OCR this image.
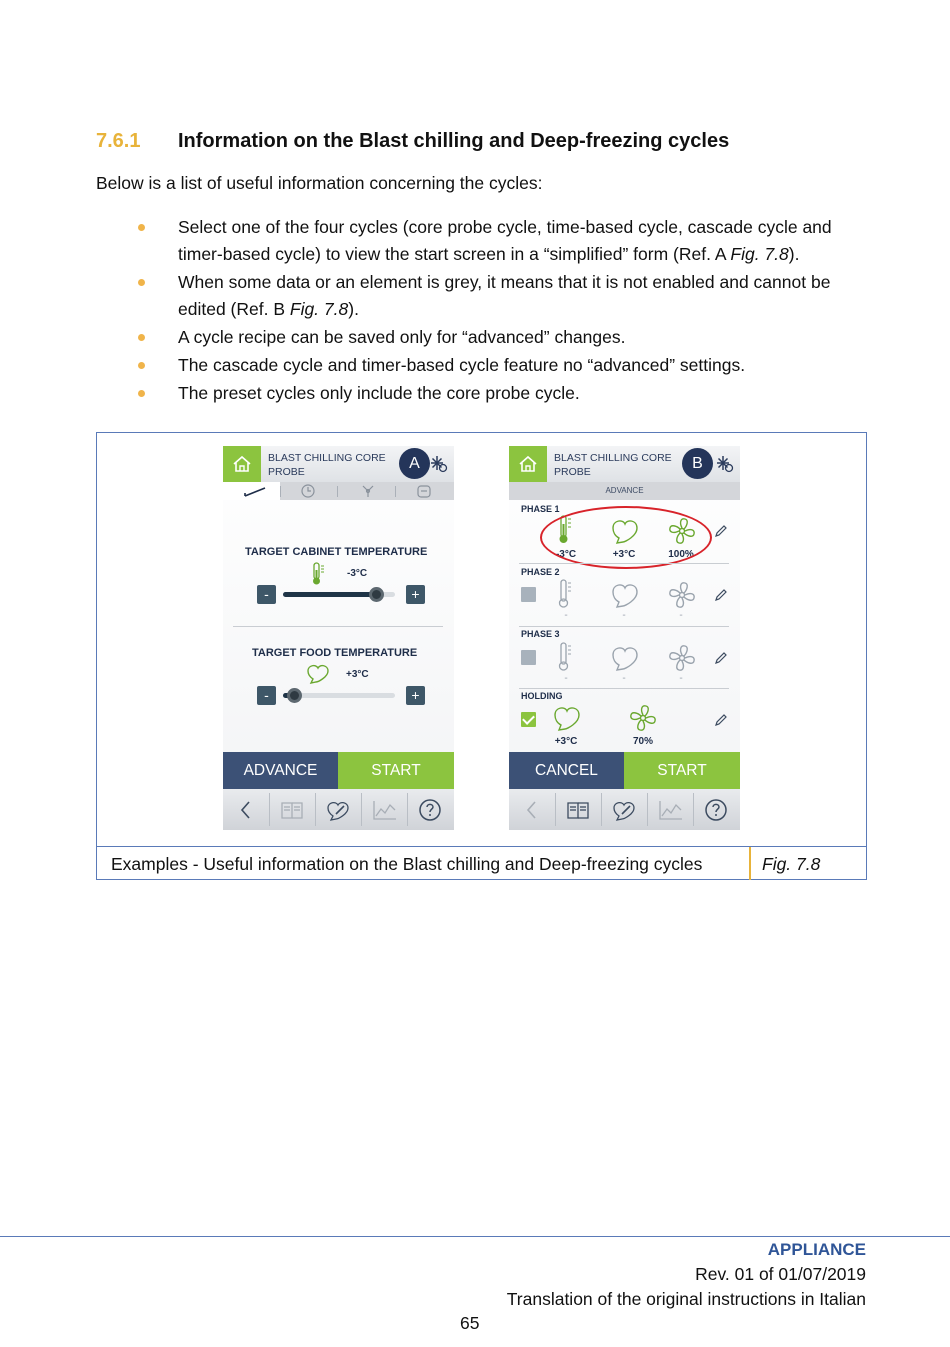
7.6.1 Information on the Blast chilling and Deep-freezing cycles
Below is a list of useful information concerning the cycles:
Select one of the four cycles (core probe cycle, time-based cycle, cascade cycle and timer-based cycle) to view the start screen in a “simplified” form (Ref. A Fig. 7.8).
When some data or an element is grey, it means that it is not enabled and cannot be edited (Ref. B Fig. 7.8).
A cycle recipe can be saved only for “advanced” changes.
The cascade cycle and timer-based cycle feature no “advanced” settings.
The preset cycles only include the core probe cycle.
Examples - Useful information on the Blast chilling and Deep-freezing cycles	Fig. 7.8
BLAST CHILLING CORE
PROBE	A
TARGET CABINET TEMPERATURE
-3°C
-	+
TARGET FOOD TEMPERATURE
+3°C
-	+
ADVANCE	START
BLAST CHILLING CORE
PROBE	B
ADVANCE
PHASE 1
-3°C	+3°C	100%
PHASE 2
-	-	-
PHASE 3
-	-	-
HOLDING
+3°C	70%
CANCEL	START
APPLIANCE
Rev. 01 of 01/07/2019
Translation of the original instructions in Italian
65
